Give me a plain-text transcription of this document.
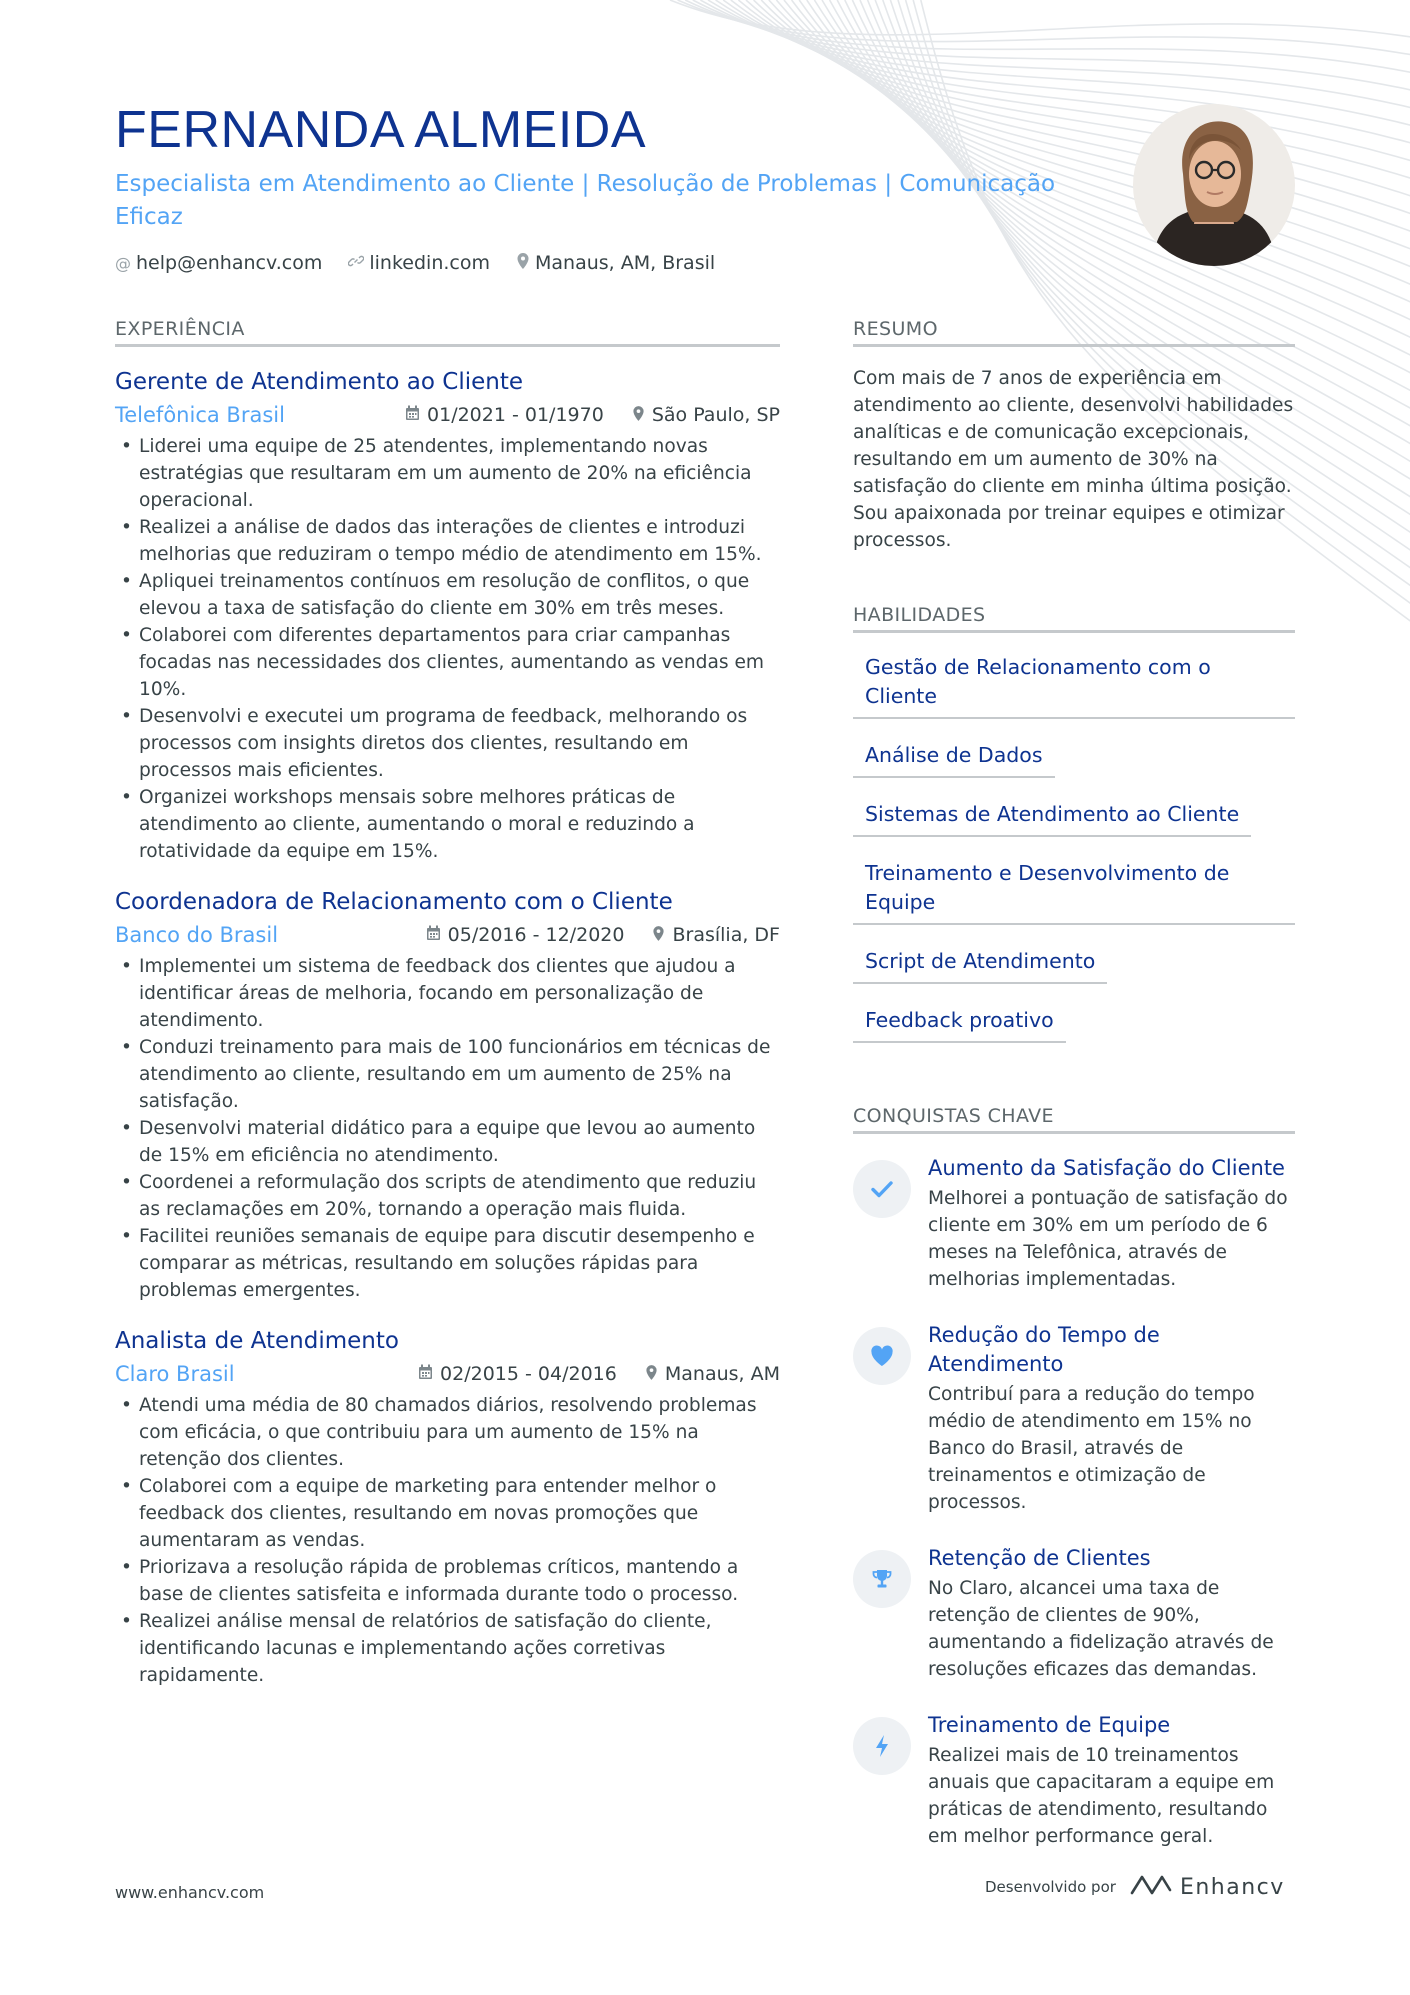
FERNANDA ALMEIDA
Especialista em Atendimento ao Cliente | Resolução de Problemas | Comunicação Eficaz
@ help@enhancv.com linkedin.com Manaus, AM, Brasil
EXPERIÊNCIA
Gerente de Atendimento ao Cliente
Telefônica Brasil	01/2021 - 01/1970	São Paulo, SP
• Liderei uma equipe de 25 atendentes, implementando novas estratégias que resultaram em um aumento de 20% na eficiência operacional.
• Realizei a análise de dados das interações de clientes e introduzi melhorias que reduziram o tempo médio de atendimento em 15%.
• Apliquei treinamentos contínuos em resolução de conflitos, o que elevou a taxa de satisfação do cliente em 30% em três meses.
• Colaborei com diferentes departamentos para criar campanhas focadas nas necessidades dos clientes, aumentando as vendas em 10%.
• Desenvolvi e executei um programa de feedback, melhorando os processos com insights diretos dos clientes, resultando em processos mais eficientes.
• Organizei workshops mensais sobre melhores práticas de atendimento ao cliente, aumentando o moral e reduzindo a rotatividade da equipe em 15%.
Coordenadora de Relacionamento com o Cliente
Banco do Brasil	05/2016 - 12/2020	Brasília, DF
• Implementei um sistema de feedback dos clientes que ajudou a identificar áreas de melhoria, focando em personalização de atendimento.
• Conduzi treinamento para mais de 100 funcionários em técnicas de atendimento ao cliente, resultando em um aumento de 25% na satisfação.
• Desenvolvi material didático para a equipe que levou ao aumento de 15% em eficiência no atendimento.
• Coordenei a reformulação dos scripts de atendimento que reduziu as reclamações em 20%, tornando a operação mais fluida.
• Facilitei reuniões semanais de equipe para discutir desempenho e comparar as métricas, resultando em soluções rápidas para problemas emergentes.
Analista de Atendimento
Claro Brasil	02/2015 - 04/2016	Manaus, AM
• Atendi uma média de 80 chamados diários, resolvendo problemas com eficácia, o que contribuiu para um aumento de 15% na retenção dos clientes.
• Colaborei com a equipe de marketing para entender melhor o feedback dos clientes, resultando em novas promoções que aumentaram as vendas.
• Priorizava a resolução rápida de problemas críticos, mantendo a base de clientes satisfeita e informada durante todo o processo.
• Realizei análise mensal de relatórios de satisfação do cliente, identificando lacunas e implementando ações corretivas rapidamente.
RESUMO
Com mais de 7 anos de experiência em atendimento ao cliente, desenvolvi habilidades analíticas e de comunicação excepcionais, resultando em um aumento de 30% na satisfação do cliente em minha última posição. Sou apaixonada por treinar equipes e otimizar processos.
HABILIDADES
Gestão de Relacionamento com o Cliente
Análise de Dados
Sistemas de Atendimento ao Cliente
Treinamento e Desenvolvimento de Equipe
Script de Atendimento
Feedback proativo
CONQUISTAS CHAVE
Aumento da Satisfação do Cliente
Melhorei a pontuação de satisfação do cliente em 30% em um período de 6 meses na Telefônica, através de melhorias implementadas.
Redução do Tempo de Atendimento
Contribuí para a redução do tempo médio de atendimento em 15% no Banco do Brasil, através de treinamentos e otimização de processos.
Retenção de Clientes
No Claro, alcancei uma taxa de retenção de clientes de 90%, aumentando a fidelização através de resoluções eficazes das demandas.
Treinamento de Equipe
Realizei mais de 10 treinamentos anuais que capacitaram a equipe em práticas de atendimento, resultando em melhor performance geral.
www.enhancv.com	Desenvolvido por	Enhancv
